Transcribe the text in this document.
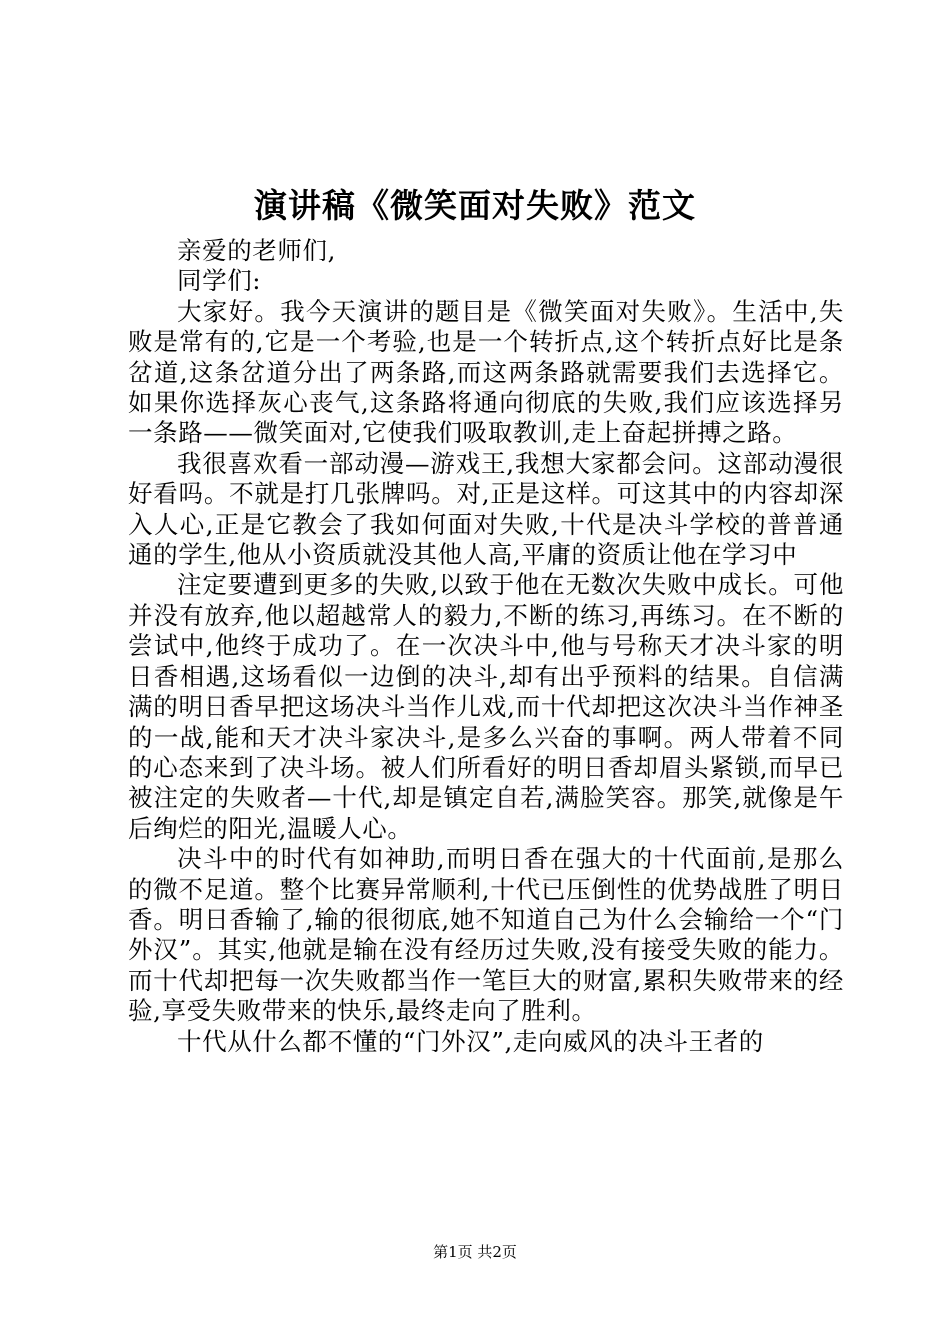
演讲稿《微笑面对失败》范文

亲爱的老师们,

同学们:

大家好。我今天演讲的题目是《微笑面对失败》。生活中,失败是常有的,它是一个考验,也是一个转折点,这个转折点好比是条岔道,这条岔道分出了两条路,而这两条路就需要我们去选择它。如果你选择灰心丧气,这条路将通向彻底的失败,我们应该选择另一条路——微笑面对,它使我们吸取教训,走上奋起拼搏之路。

我很喜欢看一部动漫—游戏王,我想大家都会问。这部动漫很好看吗。不就是打几张牌吗。对,正是这样。可这其中的内容却深入人心,正是它教会了我如何面对失败,十代是决斗学校的普普通通的学生,他从小资质就没其他人高,平庸的资质让他在学习中

注定要遭到更多的失败,以致于他在无数次失败中成长。可他并没有放弃,他以超越常人的毅力,不断的练习,再练习。在不断的尝试中,他终于成功了。在一次决斗中,他与号称天才决斗家的明日香相遇,这场看似一边倒的决斗,却有出乎预料的结果。自信满满的明日香早把这场决斗当作儿戏,而十代却把这次决斗当作神圣的一战,能和天才决斗家决斗,是多么兴奋的事啊。两人带着不同的心态来到了决斗场。被人们所看好的明日香却眉头紧锁,而早已被注定的失败者—十代,却是镇定自若,满脸笑容。那笑,就像是午后绚烂的阳光,温暖人心。

决斗中的时代有如神助,而明日香在强大的十代面前,是那么的微不足道。整个比赛异常顺利,十代已压倒性的优势战胜了明日香。明日香输了,输的很彻底,她不知道自己为什么会输给一个“门外汉”。其实,他就是输在没有经历过失败,没有接受失败的能力。而十代却把每一次失败都当作一笔巨大的财富,累积失败带来的经验,享受失败带来的快乐,最终走向了胜利。

十代从什么都不懂的“门外汉”,走向威风的决斗王者的

第1页 共2页
